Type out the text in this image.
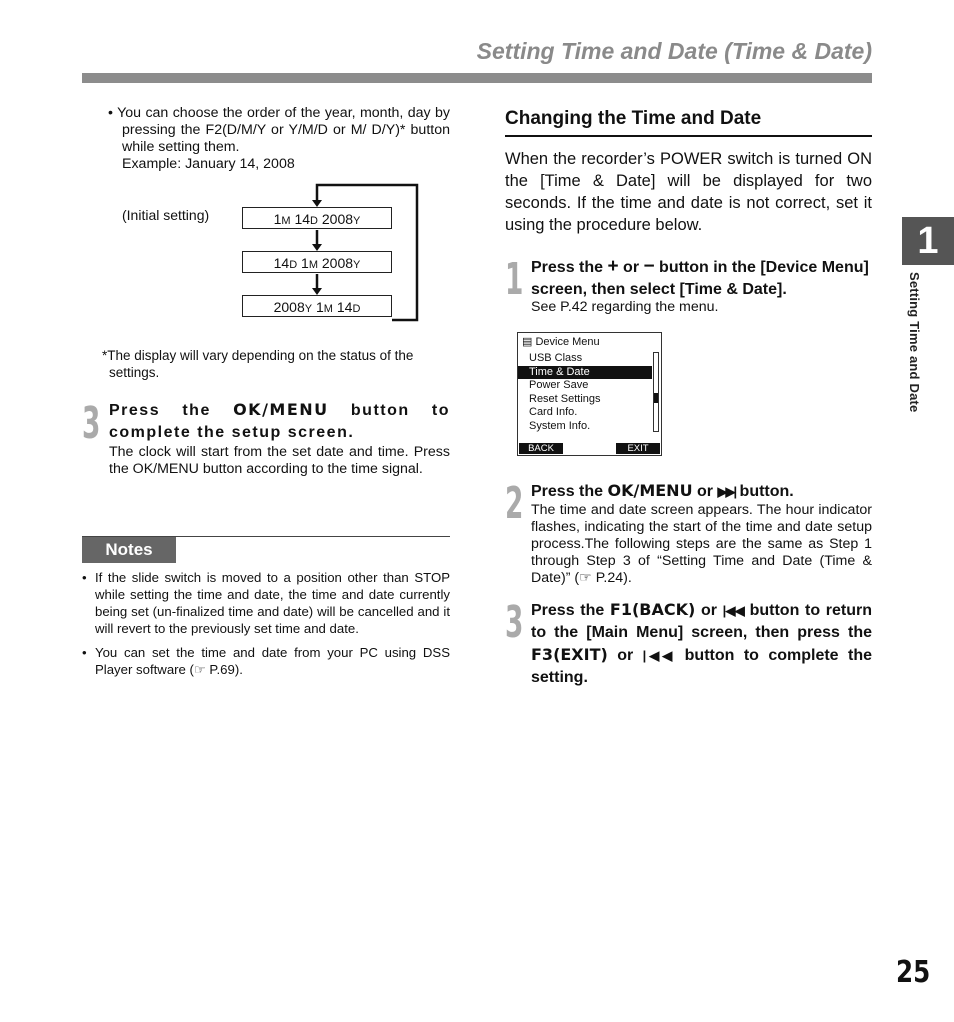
Setting Time and Date (Time & Date)
1
Setting Time and Date
• You can choose the order of the year, month, day by pressing the F2(D/M/Y or Y/M/D or M/ D/Y)* button while setting them.
Example: January 14, 2008
(Initial setting)	1M 14D 2008Y
14D 1M 2008Y
2008Y 1M 14D
*The display will vary depending on the status of the
settings.
3 Press the OK/MENU button to complete the setup screen.
The clock will start from the set date and time. Press the OK/MENU button according to the time signal.
Notes
• If the slide switch is moved to a position other than STOP while setting the time and date, the time and date currently being set (un-finalized time and date) will be cancelled and it will revert to the previously set time and date.
• You can set the time and date from your PC using DSS Player software (☞ P.69).
Changing the Time and Date
When the recorder’s POWER switch is turned ON the [Time & Date] will be displayed for two seconds. If the time and date is not correct, set it using the procedure below.
1 Press the + or − button in the [Device Menu] screen, then select [Time & Date].
See P.42 regarding the menu.
▤ Device Menu
USB Class
Time & Date
Power Save
Reset Settings
Card Info.
System Info.
BACK	EXIT
2 Press the OK/MENU or ▶▶| button.
The time and date screen appears. The hour indicator flashes, indicating the start of the time and date setup process.The following steps are the same as Step 1 through Step 3 of “Setting Time and Date (Time & Date)” (☞ P.24).
3 Press the F1(BACK) or |◀◀ button to return to the [Main Menu] screen, then press the F3(EXIT) or |◀◀ button to complete the setting.
25
